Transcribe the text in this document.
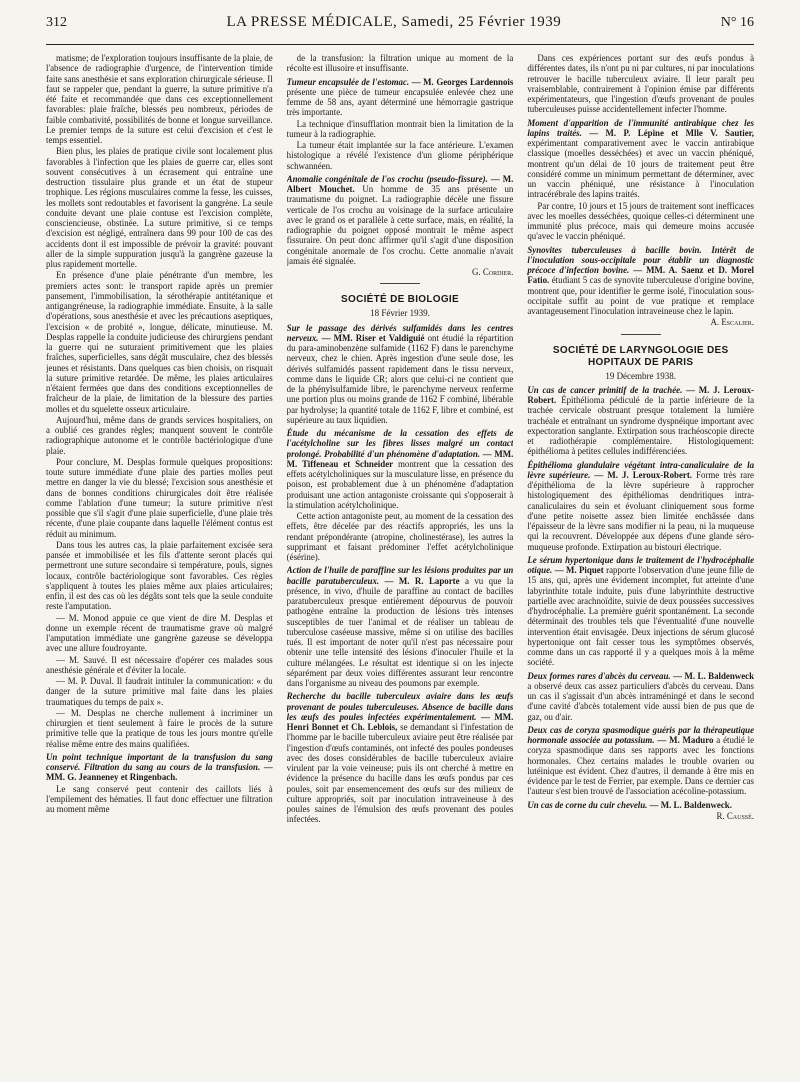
312	LA PRESSE MÉDICALE, Samedi, 25 Février 1939	N° 16

matisme; de l'exploration toujours insuffisante de la plaie, de l'absence de radiographie d'urgence, de l'intervention timide faite sans anesthésie et sans exploration chirurgicale sérieuse. Il faut se rappeler que, pendant la guerre, la suture primitive n'a été faite et recommandée que dans ces exceptionnellement favorables: plaie fraîche, blessés peu nombreux, périodes de faible combativité, possibilités de bonne et longue surveillance. Le premier temps de la suture est celui d'excision et c'est le temps essentiel.

Bien plus, les plaies de pratique civile sont localement plus favorables à l'infection que les plaies de guerre car, elles sont souvent consécutives à un écrasement qui entraîne une destruction tissulaire plus grande et un état de stupeur trophique. Les régions musculaires comme la fesse, les cuisses, les mollets sont redoutables et favorisent la gangrène. La seule conduite devant une plaie contuse est l'excision complète, consciencieuse, obstinée. La suture primitive, si ce temps d'excision est négligé, entraînera dans 99 pour 100 de cas des accidents dont il est impossible de prévoir la gravité: pouvant aller de la simple suppuration jusqu'à la gangrène gazeuse la plus rapidement mortelle.

En présence d'une plaie pénétrante d'un membre, les premiers actes sont: le transport rapide après un premier pansement, l'immobilisation, la sérothérapie antitétanique et antigangréneuse, la radiographie immédiate. Ensuite, à la salle d'opérations, sous anesthésie et avec les précautions aseptiques, l'excision « de probité », longue, délicate, minutieuse. M. Desplas rappelle la conduite judicieuse des chirurgiens pendant la guerre qui ne suturaient primitivement que les plaies fraîches, superficielles, sans dégât musculaire, chez des blessés jeunes et résistants. Dans quelques cas bien choisis, on risquait la suture primitive retardée. De même, les plaies articulaires n'étaient fermées que dans des conditions exceptionnelles de fraîcheur de la plaie, de limitation de la blessure des parties molles et du squelette osseux articulaire.

Aujourd'hui, même dans de grands services hospitaliers, on a oublié ces grandes règles; manquent souvent le contrôle radiographique autonome et le contrôle bactériologique d'une plaie.

Pour conclure, M. Desplas formule quelques propositions: toute suture immédiate d'une plaie des parties molles peut mettre en danger la vie du blessé; l'excision sous anesthésie et dans de bonnes conditions chirurgicales doit être réalisée comme l'ablation d'une tumeur; la suture primitive n'est possible que s'il s'agit d'une plaie superficielle, d'une plaie très récente, d'une plaie coupante dans laquelle l'élément contus est réduit au minimum.

Dans tous les autres cas, la plaie parfaitement excisée sera pansée et immobilisée et les fils d'attente seront placés qui permettront une suture secondaire si température, pouls, signes locaux, contrôle bactériologique sont favorables. Ces règles s'appliquent à toutes les plaies même aux plaies articulaires; enfin, il est des cas où les dégâts sont tels que la seule conduite reste l'amputation.

— M. Monod appuie ce que vient de dire M. Desplas et donne un exemple récent de traumatisme grave où malgré l'amputation immédiate une gangrène gazeuse se développa avec une allure foudroyante.

— M. Sauvé. Il est nécessaire d'opérer ces malades sous anesthésie générale et d'éviter la locale.

— M. P. Duval. Il faudrait intituler la communication: « du danger de la suture primitive mal faite dans les plaies traumatiques du temps de paix ».

— M. Desplas ne cherche nullement à incriminer un chirurgien et tient seulement à faire le procès de la suture primitive telle que la pratique de tous les jours montre qu'elle réalise même entre des mains qualifiées.

Un point technique important de la transfusion du sang conservé. Filtration du sang au cours de la transfusion. — MM. G. Jeanneney et Ringenbach.

Le sang conservé peut contenir des caillots liés à l'empilement des hématies. Il faut donc effectuer une filtration au moment même

de la transfusion: la filtration unique au moment de la récolte est illusoire et insuffisante.

Tumeur encapsulée de l'estomac. — M. Georges Lardennois présente une pièce de tumeur encapsulée enlevée chez une femme de 58 ans, ayant déterminé une hémorragie gastrique très importante.

La technique d'insufflation montrait bien la limitation de la tumeur à la radiographie.

La tumeur était implantée sur la face antérieure. L'examen histologique a révélé l'existence d'un gliome périphérique schwannéen.

Anomalie congénitale de l'os crochu (pseudo-fissure). — M. Albert Mouchet. Un homme de 35 ans présente un traumatisme du poignet. La radiographie décèle une fissure verticale de l'os crochu au voisinage de la surface articulaire avec le grand os et parallèle à cette surface, mais, en réalité, la radiographie du poignet opposé montrait le même aspect fissuraire. On peut donc affirmer qu'il s'agit d'une disposition congénitale anormale de l'os crochu. Cette anomalie n'avait jamais été signalée.

G. Cordier.
SOCIÉTÉ DE BIOLOGIE
18 Février 1939.

Sur le passage des dérivés sulfamidés dans les centres nerveux. — MM. Riser et Valdiguié ont étudié la répartition du para-aminobenzène sulfamide (1162 F) dans le parenchyme nerveux, chez le chien. Après ingestion d'une seule dose, les dérivés sulfamidés passent rapidement dans le tissu nerveux, comme dans le liquide CR; alors que celui-ci ne contient que de la phénylsulfamide libre, le parenchyme nerveux renferme une portion plus ou moins grande de 1162 F combiné, libérable par hydrolyse; la quantité totale de 1162 F, libre et combiné, est supérieure au taux liquidien.

Étude du mécanisme de la cessation des effets de l'acétylcholine sur les fibres lisses malgré un contact prolongé. Probabilité d'un phénomène d'adaptation. — MM. M. Tiffeneau et Schneider montrent que la cessation des effets acétylcholiniques sur la musculature lisse, en présence du poison, est probablement due à un phénomène d'adaptation produisant une action antagoniste croissante qui s'opposerait à la stimulation acétylcholinique.

Cette action antagoniste peut, au moment de la cessation des effets, être décelée par des réactifs appropriés, les uns la rendant prépondérante (atropine, cholinestérase), les autres la supprimant et faisant prédominer l'effet acétylcholinique (ésérine).

Action de l'huile de paraffine sur les lésions produites par un bacille paratuberculeux. — M. R. Laporte a vu que la présence, in vivo, d'huile de paraffine au contact de bacilles paratuberculeux presque entièrement dépourvus de pouvoir pathogène entraîne la production de lésions très intenses susceptibles de tuer l'animal et de réaliser un tableau de tuberculose caséeuse massive, même si on utilise des bacilles tués. Il est important de noter qu'il n'est pas nécessaire pour obtenir une telle intensité des lésions d'inoculer l'huile et la culture mélangées. Le résultat est identique si on les injecte séparément par deux voies différentes assurant leur rencontre dans l'organisme au niveau des poumons par exemple.

Recherche du bacille tuberculeux aviaire dans les œufs provenant de poules tuberculeuses. Absence de bacille dans les œufs des poules infectées expérimentalement. — MM. Henri Bonnet et Ch. Leblois, se demandant si l'infestation de l'homme par le bacille tuberculeux aviaire peut être réalisée par l'ingestion d'œufs contaminés, ont infecté des poules pondeuses avec des doses considérables de bacille tuberculeux aviaire virulent par la voie veineuse; puis ils ont cherché à mettre en évidence la présence du bacille dans les œufs pondus par ces poules, soit par ensemencement des œufs sur des milieux de culture appropriés, soit par inoculation intraveineuse à des poules saines de l'émulsion des œufs provenant des poules infectées.

Dans ces expériences portant sur des œufs pondus à différentes dates, ils n'ont pu ni par cultures, ni par inoculations retrouver le bacille tuberculeux aviaire. Il leur paraît peu vraisemblable, contrairement à l'opinion émise par différents expérimentateurs, que l'ingestion d'œufs provenant de poules tuberculeuses puisse accidentellement infecter l'homme.

Moment d'apparition de l'immunité antirabique chez les lapins traités. — M. P. Lépine et Mlle V. Sautier, expérimentant comparativement avec le vaccin antirabique classique (moelles desséchées) et avec un vaccin phéniqué, montrent qu'un délai de 10 jours de traitement peut être considéré comme un minimum permettant de déterminer, avec un vaccin phéniqué, une résistance à l'inoculation intracérébrale des lapins traités.

Par contre, 10 jours et 15 jours de traitement sont inefficaces avec les moelles desséchées, quoique celles-ci déterminent une immunité plus précoce, mais qui demeure moins accusée qu'avec le vaccin phéniqué.

Synovites tuberculeuses à bacille bovin. Intérêt de l'inoculation sous-occipitale pour établir un diagnostic précoce d'infection bovine. — MM. A. Saenz et D. Morel Fatio. étudiant 5 cas de synovite tuberculeuse d'origine bovine, montrent que, pour identifier le germe isolé, l'inoculation sous-occipitale suffit au point de vue pratique et remplace avantageusement l'inoculation intraveineuse chez le lapin.

A. Escalier.
SOCIÉTÉ DE LARYNGOLOGIE DES HOPITAUX DE PARIS
19 Décembre 1938.

Un cas de cancer primitif de la trachée. — M. J. Leroux-Robert. Épithélioma pédiculé de la partie inférieure de la trachée cervicale obstruant presque totalement la lumière trachéale et entraînant un syndrome dyspnéique important avec expectoration sanglante. Extirpation sous trachéoscopie directe et radiothérapie complémentaire. Histologiquement: épithélioma à petites cellules indifférenciées.

Épithélioma glandulaire végétant intra-canaliculaire de la lèvre supérieure. — M. J. Leroux-Robert. Forme très rare d'épithélioma de la lèvre supérieure à rapprocher histologiquement des épithéliomas dendritiques intra-canaliculaires du sein et évoluant cliniquement sous forme d'une petite noisette assez bien limitée enchâssée dans l'épaisseur de la lèvre sans modifier ni la peau, ni la muqueuse qui la recouvrent. Développée aux dépens d'une glande séro-muqueuse profonde. Extirpation au bistouri électrique.

Le sérum hypertonique dans le traitement de l'hydrocéphalie otique. — M. Piquet rapporte l'observation d'une jeune fille de 15 ans, qui, après une évidement incomplet, fut atteinte d'une labyrinthite totale induite, puis d'une labyrinthite destructive partielle avec arachnoïdite, suivie de deux poussées successives d'hydrocéphalie. La première guérit spontanément. La seconde déterminait des troubles tels que l'éventualité d'une nouvelle intervention était envisagée. Deux injections de sérum glucosé hypertonique ont fait cesser tous les symptômes observés, comme dans un cas rapporté il y a quelques mois à la même société.

Deux formes rares d'abcès du cerveau. — M. L. Baldenweck a observé deux cas assez particuliers d'abcès du cerveau. Dans un cas il s'agissait d'un abcès intraméningé et dans le second d'une cavité d'abcès totalement vide aussi bien de pus que de gaz, ou d'air.

Deux cas de coryza spasmodique guéris par la thérapeutique hormonale associée au potassium. — M. Maduro a étudié le coryza spasmodique dans ses rapports avec les fonctions hormonales. Chez certains malades le trouble ovarien ou lutéinique est évident. Chez d'autres, il demande à être mis en évidence par le test de Ferrier, par exemple. Dans ce dernier cas l'auteur s'est bien trouvé de l'association acécoline-potassium.

Un cas de corne du cuir chevelu. — M. L. Baldenweck.

R. Caussé.
